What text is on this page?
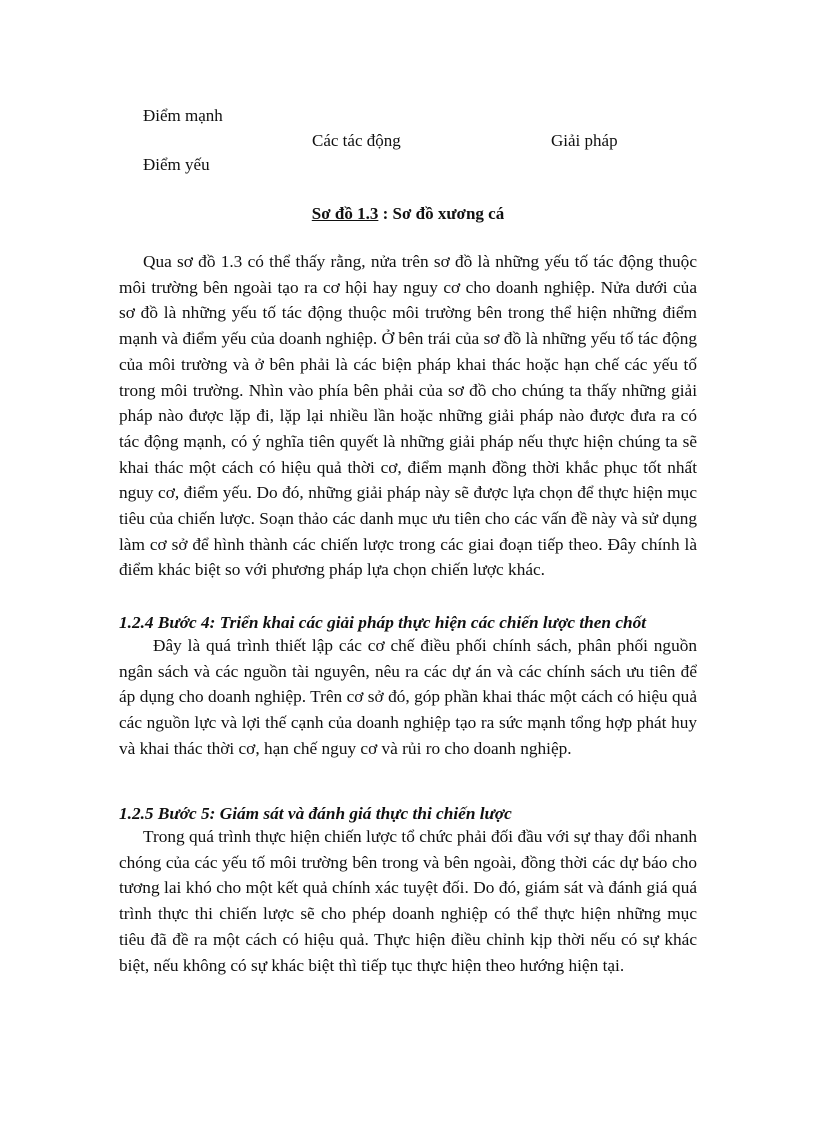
Điểm mạnh
Các tác động	Giải pháp
Điểm yếu
Sơ đồ 1.3 : Sơ đồ xương cá

Qua sơ đồ 1.3 có thể thấy rằng, nửa trên sơ đồ là những yếu tố tác động thuộc môi trường bên ngoài tạo ra cơ hội hay nguy cơ cho doanh nghiệp. Nửa dưới của sơ đồ là những yếu tố tác động thuộc môi trường bên trong thể hiện những điểm mạnh và điểm yếu của doanh nghiệp. Ở bên trái của sơ đồ là những yếu tố tác động của môi trường và ở bên phải là các biện pháp khai thác hoặc hạn chế các yếu tố trong môi trường. Nhìn vào phía bên phải của sơ đồ cho chúng ta thấy những giải pháp nào được lặp đi, lặp lại nhiều lần hoặc những giải pháp nào được đưa ra có tác động mạnh, có ý nghĩa tiên quyết là những giải pháp nếu thực hiện chúng ta sẽ khai thác một cách có hiệu quả thời cơ, điểm mạnh đồng thời khắc phục tốt nhất nguy cơ, điểm yếu. Do đó, những giải pháp này sẽ được lựa chọn để thực hiện mục tiêu của chiến lược. Soạn thảo các danh mục ưu tiên cho các vấn đề này và sử dụng làm cơ sở để hình thành các chiến lược trong các giai đoạn tiếp theo. Đây chính là điểm khác biệt so với phương pháp lựa chọn chiến lược khác.

1.2.4 Bước 4: Triển khai các giải pháp thực hiện các chiến lược then chốt

Đây là quá trình thiết lập các cơ chế điều phối chính sách, phân phối nguồn ngân sách và các nguồn tài nguyên, nêu ra các dự án và các chính sách ưu tiên để áp dụng cho doanh nghiệp. Trên cơ sở đó, góp phần khai thác một cách có hiệu quả các nguồn lực và lợi thế cạnh của doanh nghiệp tạo ra sức mạnh tổng hợp phát huy và khai thác thời cơ, hạn chế nguy cơ và rủi ro cho doanh nghiệp.

1.2.5 Bước 5: Giám sát và đánh giá thực thi chiến lược

Trong quá trình thực hiện chiến lược tổ chức phải đối đầu với sự thay đổi nhanh chóng của các yếu tố môi trường bên trong và bên ngoài, đồng thời các dự báo cho tương lai khó cho một kết quả chính xác tuyệt đối. Do đó, giám sát và đánh giá quá trình thực thi chiến lược sẽ cho phép doanh nghiệp có thể thực hiện những mục tiêu đã đề ra một cách có hiệu quả. Thực hiện điều chỉnh kịp thời nếu có sự khác biệt, nếu không có sự khác biệt thì tiếp tục thực hiện theo hướng hiện tại.
